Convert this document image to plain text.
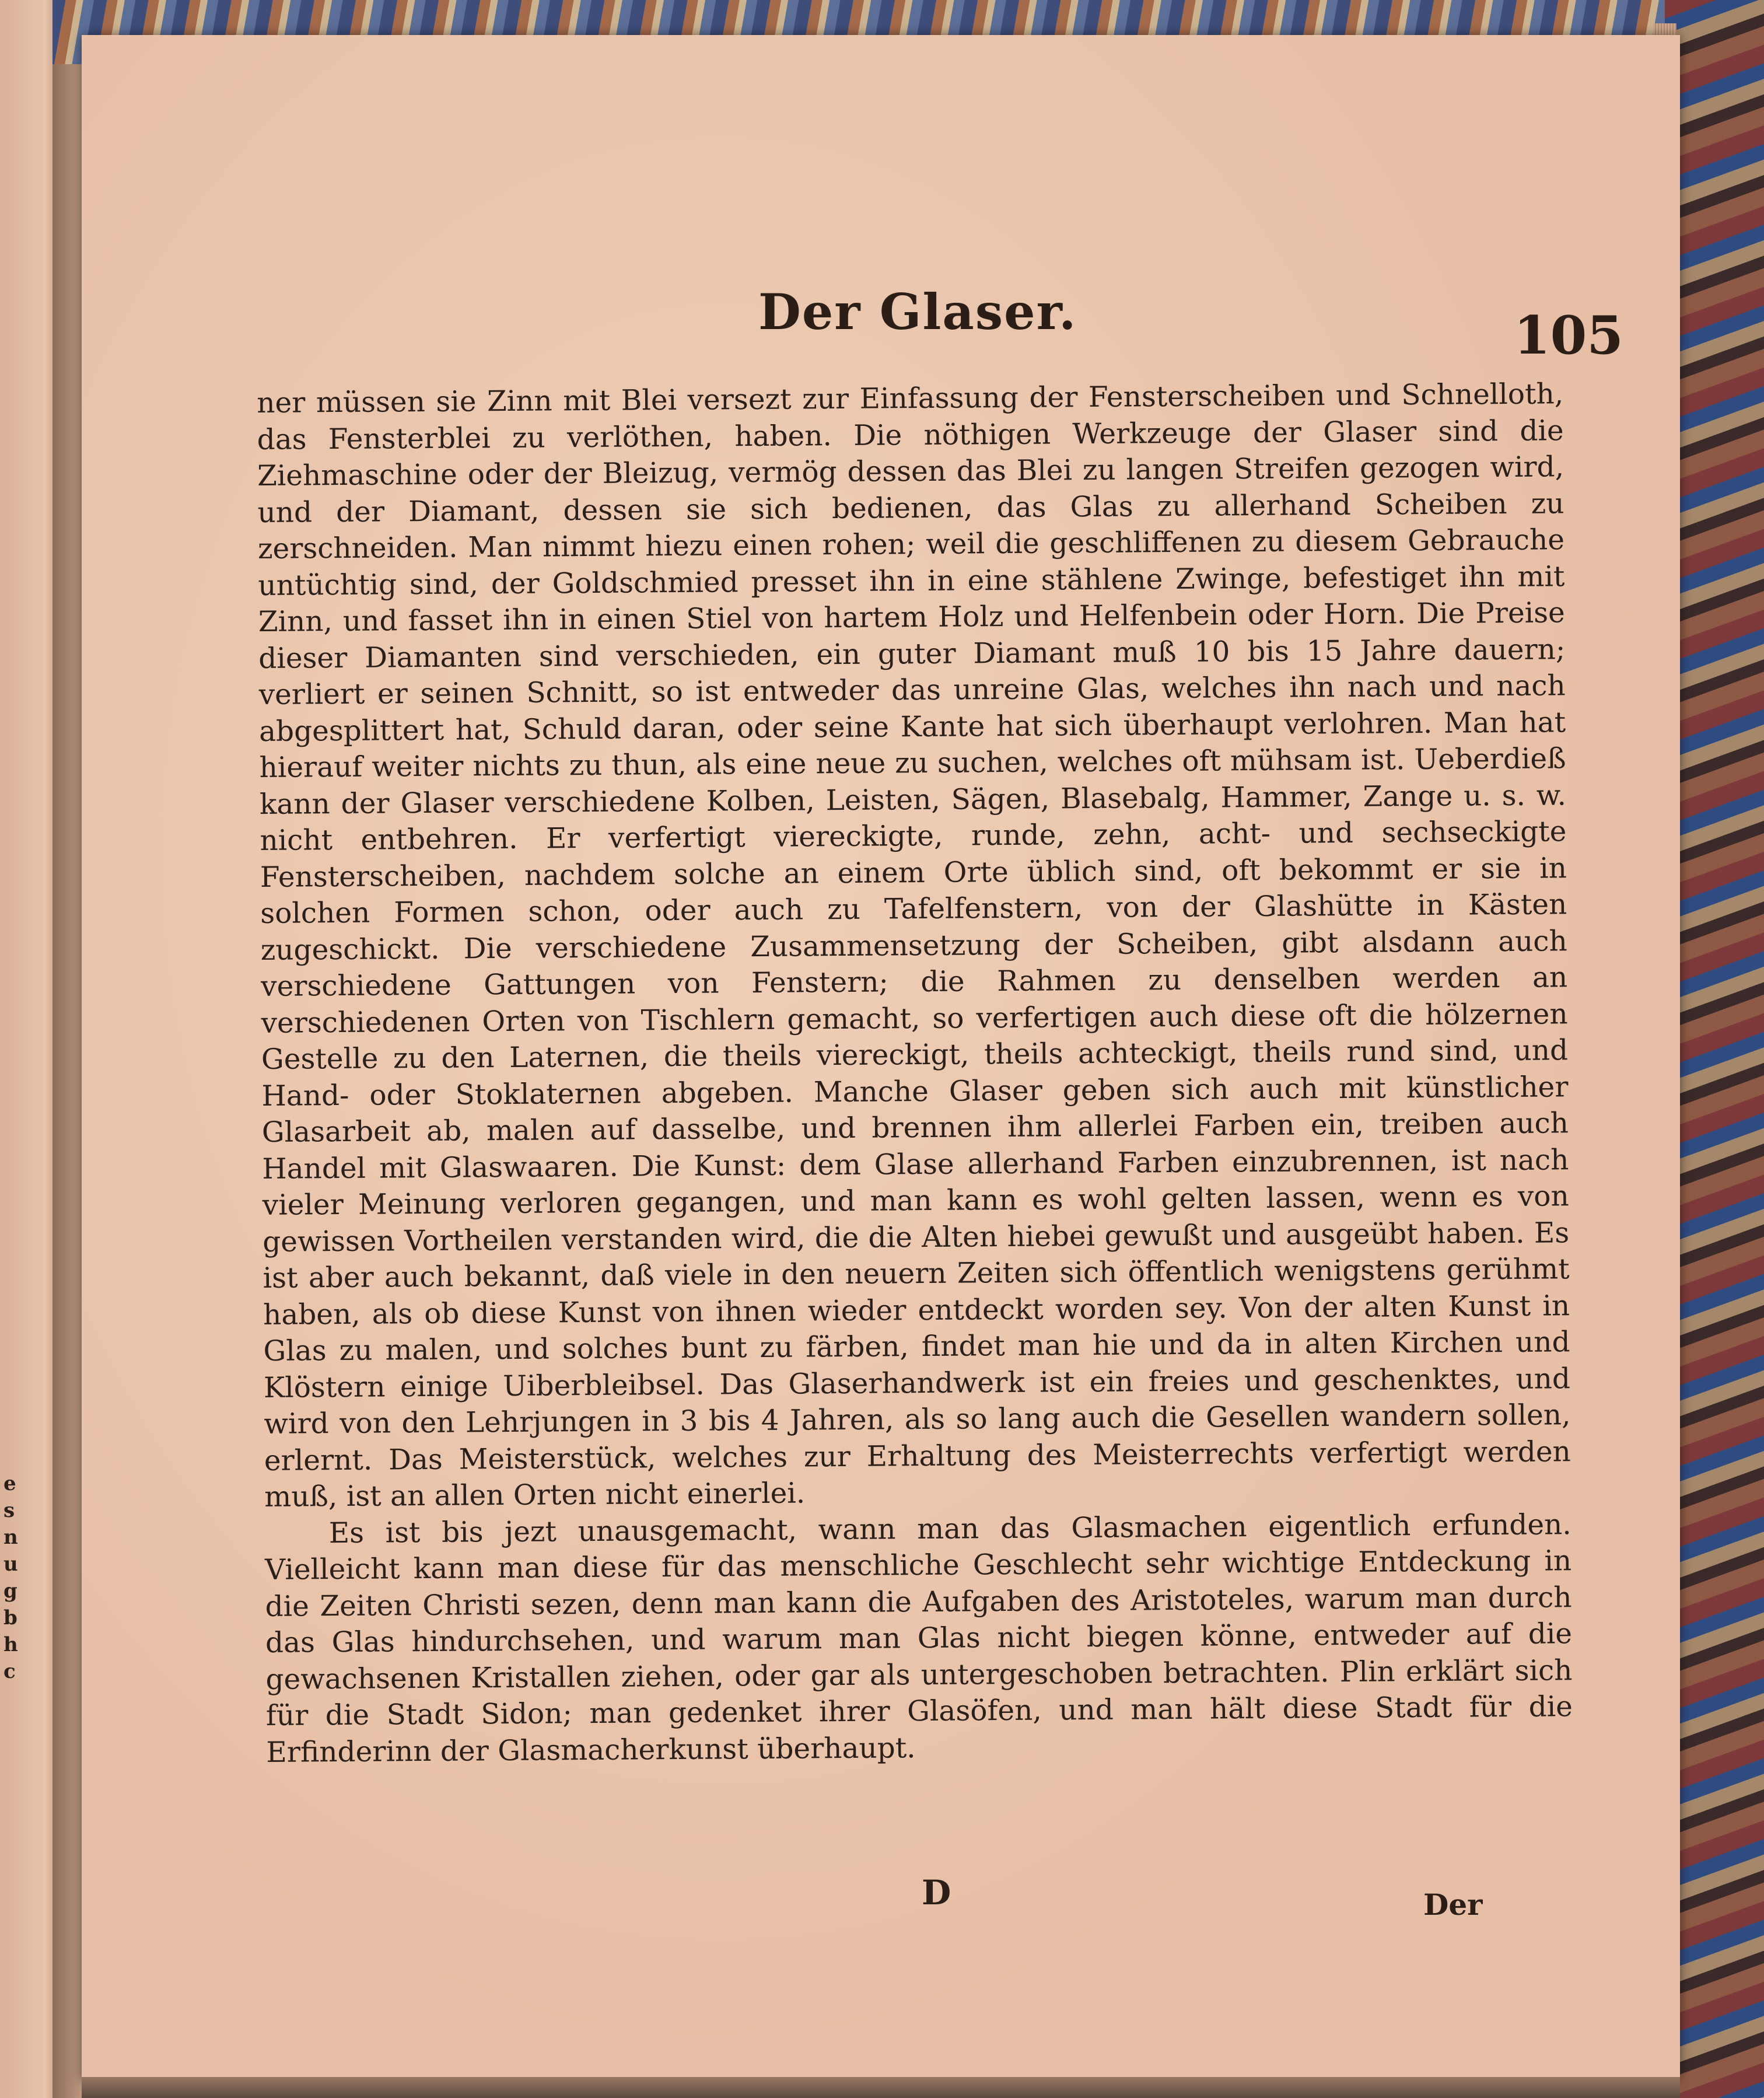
e
s
n
u
g
b
h
c
Der Glaser.	105

ner müssen sie Zinn mit Blei versezt zur Einfassung der Fensterscheiben und Schnelloth, das Fensterblei zu verlöthen, haben. Die nöthigen Werkzeuge der Glaser sind die Ziehmaschine oder der Bleizug, vermög dessen das Blei zu langen Streifen gezogen wird, und der Diamant, dessen sie sich bedienen, das Glas zu allerhand Scheiben zu zerschneiden. Man nimmt hiezu einen rohen; weil die geschliffenen zu diesem Gebrauche untüchtig sind, der Goldschmied presset ihn in eine stählene Zwinge, befestiget ihn mit Zinn, und fasset ihn in einen Stiel von hartem Holz und Helfenbein oder Horn. Die Preise dieser Diamanten sind verschieden, ein guter Diamant muß 10 bis 15 Jahre dauern; verliert er seinen Schnitt, so ist entweder das unreine Glas, welches ihn nach und nach abgesplittert hat, Schuld daran, oder seine Kante hat sich überhaupt verlohren. Man hat hierauf weiter nichts zu thun, als eine neue zu suchen, welches oft mühsam ist. Ueberdieß kann der Glaser verschiedene Kolben, Leisten, Sägen, Blasebalg, Hammer, Zange u. s. w. nicht entbehren. Er verfertigt viereckigte, runde, zehn, acht- und sechseckigte Fensterscheiben, nachdem solche an einem Orte üblich sind, oft bekommt er sie in solchen Formen schon, oder auch zu Tafelfenstern, von der Glashütte in Kästen zugeschickt. Die verschiedene Zusammensetzung der Scheiben, gibt alsdann auch verschiedene Gattungen von Fenstern; die Rahmen zu denselben werden an verschiedenen Orten von Tischlern gemacht, so verfertigen auch diese oft die hölzernen Gestelle zu den Laternen, die theils viereckigt, theils achteckigt, theils rund sind, und Hand- oder Stoklaternen abgeben. Manche Glaser geben sich auch mit künstlicher Glasarbeit ab, malen auf dasselbe, und brennen ihm allerlei Farben ein, treiben auch Handel mit Glaswaaren. Die Kunst: dem Glase allerhand Farben einzubrennen, ist nach vieler Meinung verloren gegangen, und man kann es wohl gelten lassen, wenn es von gewissen Vortheilen verstanden wird, die die Alten hiebei gewußt und ausgeübt haben. Es ist aber auch bekannt, daß viele in den neuern Zeiten sich öffentlich wenigstens gerühmt haben, als ob diese Kunst von ihnen wieder entdeckt worden sey. Von der alten Kunst in Glas zu malen, und solches bunt zu färben, findet man hie und da in alten Kirchen und Klöstern einige Uiberbleibsel. Das Glaserhandwerk ist ein freies und geschenktes, und wird von den Lehrjungen in 3 bis 4 Jahren, als so lang auch die Gesellen wandern sollen, erlernt. Das Meisterstück, welches zur Erhaltung des Meisterrechts verfertigt werden muß, ist an allen Orten nicht einerlei.

Es ist bis jezt unausgemacht, wann man das Glasmachen eigentlich erfunden. Vielleicht kann man diese für das menschliche Geschlecht sehr wichtige Entdeckung in die Zeiten Christi sezen, denn man kann die Aufgaben des Aristoteles, warum man durch das Glas hindurchsehen, und warum man Glas nicht biegen könne, entweder auf die gewachsenen Kristallen ziehen, oder gar als untergeschoben betrachten. Plin erklärt sich für die Stadt Sidon; man gedenket ihrer Glasöfen, und man hält diese Stadt für die Erfinderinn der Glasmacherkunst überhaupt.

D	Der
